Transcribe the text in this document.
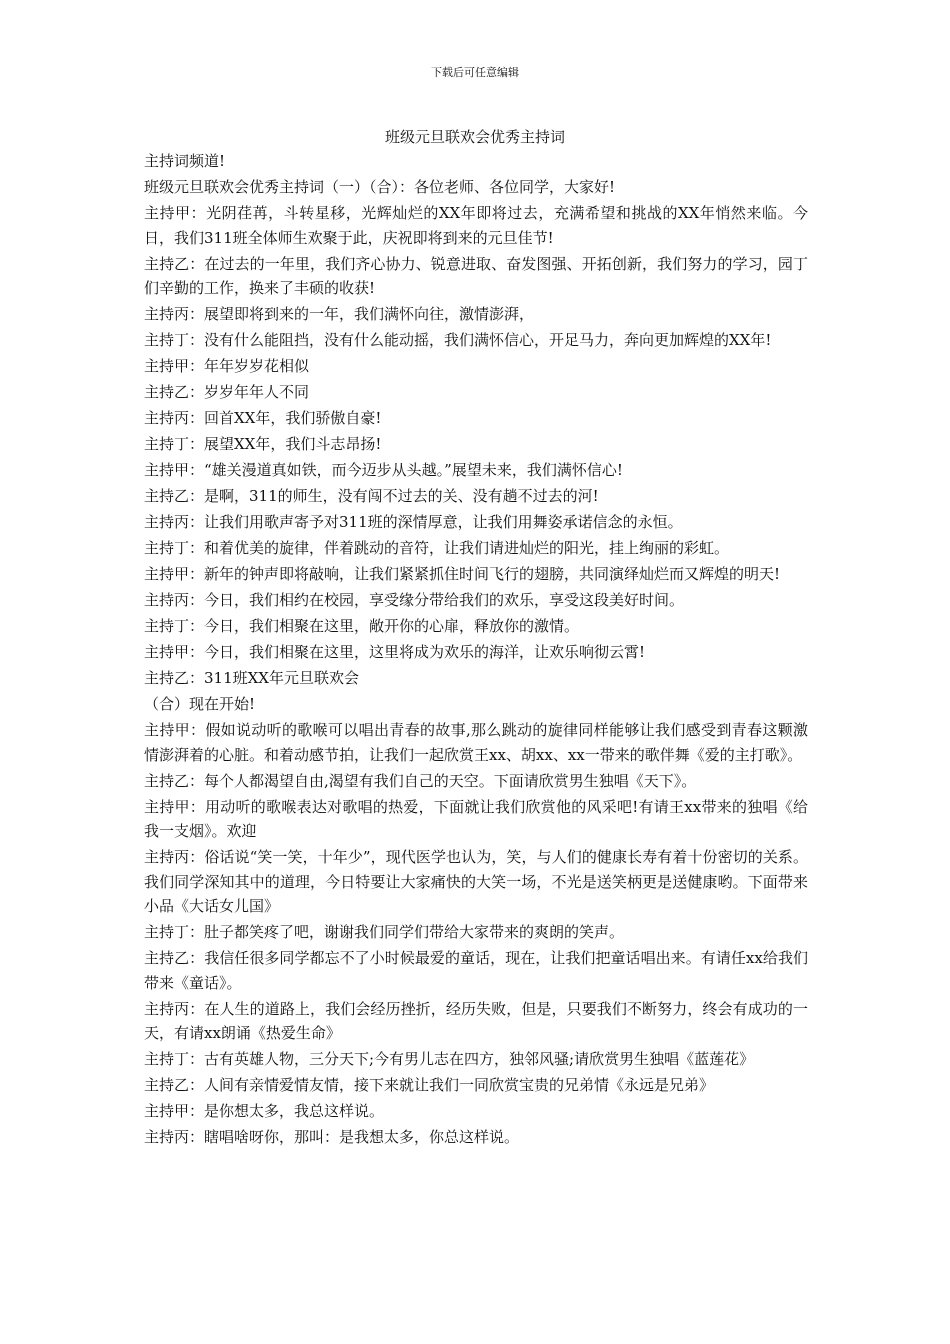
下载后可任意编辑
班级元旦联欢会优秀主持词

主持词频道!

班级元旦联欢会优秀主持词（一）（合）：各位老师、各位同学，大家好!

主持甲：光阴荏苒，斗转星移，光辉灿烂的XX年即将过去，充满希望和挑战的XX年悄然来临。今日，我们311班全体师生欢聚于此，庆祝即将到来的元旦佳节!

主持乙：在过去的一年里，我们齐心协力、锐意进取、奋发图强、开拓创新，我们努力的学习，园丁们辛勤的工作，换来了丰硕的收获!

主持丙：展望即将到来的一年，我们满怀向往，激情澎湃，

主持丁：没有什么能阻挡，没有什么能动摇，我们满怀信心，开足马力，奔向更加辉煌的XX年!

主持甲：年年岁岁花相似

主持乙：岁岁年年人不同

主持丙：回首XX年，我们骄傲自豪!

主持丁：展望XX年，我们斗志昂扬!

主持甲：“雄关漫道真如铁，而今迈步从头越。”展望未来，我们满怀信心!

主持乙：是啊，311的师生，没有闯不过去的关、没有趟不过去的河!

主持丙：让我们用歌声寄予对311班的深情厚意，让我们用舞姿承诺信念的永恒。

主持丁：和着优美的旋律，伴着跳动的音符，让我们请进灿烂的阳光，挂上绚丽的彩虹。

主持甲：新年的钟声即将敲响，让我们紧紧抓住时间飞行的翅膀，共同演绎灿烂而又辉煌的明天!

主持丙：今日，我们相约在校园，享受缘分带给我们的欢乐，享受这段美好时间。

主持丁：今日，我们相聚在这里，敞开你的心扉，释放你的激情。

主持甲：今日，我们相聚在这里，这里将成为欢乐的海洋，让欢乐响彻云霄!

主持乙：311班XX年元旦联欢会

（合）现在开始!

主持甲：假如说动听的歌喉可以唱出青春的故事,那么跳动的旋律同样能够让我们感受到青春这颗激情澎湃着的心脏。和着动感节拍，让我们一起欣赏王xx、胡xx、xx一带来的歌伴舞《爱的主打歌》。

主持乙：每个人都渴望自由,渴望有我们自己的天空。下面请欣赏男生独唱《天下》。

主持甲：用动听的歌喉表达对歌唱的热爱，下面就让我们欣赏他的风采吧!有请王xx带来的独唱《给我一支烟》。欢迎

主持丙：俗话说“笑一笑，十年少”，现代医学也认为，笑，与人们的健康长寿有着十份密切的关系。我们同学深知其中的道理，今日特要让大家痛快的大笑一场，不光是送笑柄更是送健康哟。下面带来小品《大话女儿国》

主持丁：肚子都笑疼了吧，谢谢我们同学们带给大家带来的爽朗的笑声。

主持乙：我信任很多同学都忘不了小时候最爱的童话，现在，让我们把童话唱出来。有请任xx给我们带来《童话》。

主持丙：在人生的道路上，我们会经历挫折，经历失败，但是，只要我们不断努力，终会有成功的一天，有请xx朗诵《热爱生命》

主持丁：古有英雄人物，三分天下;今有男儿志在四方，独邻风骚;请欣赏男生独唱《蓝莲花》

主持乙：人间有亲情爱情友情，接下来就让我们一同欣赏宝贵的兄弟情《永远是兄弟》

主持甲：是你想太多，我总这样说。

主持丙：瞎唱啥呀你，那叫：是我想太多，你总这样说。
